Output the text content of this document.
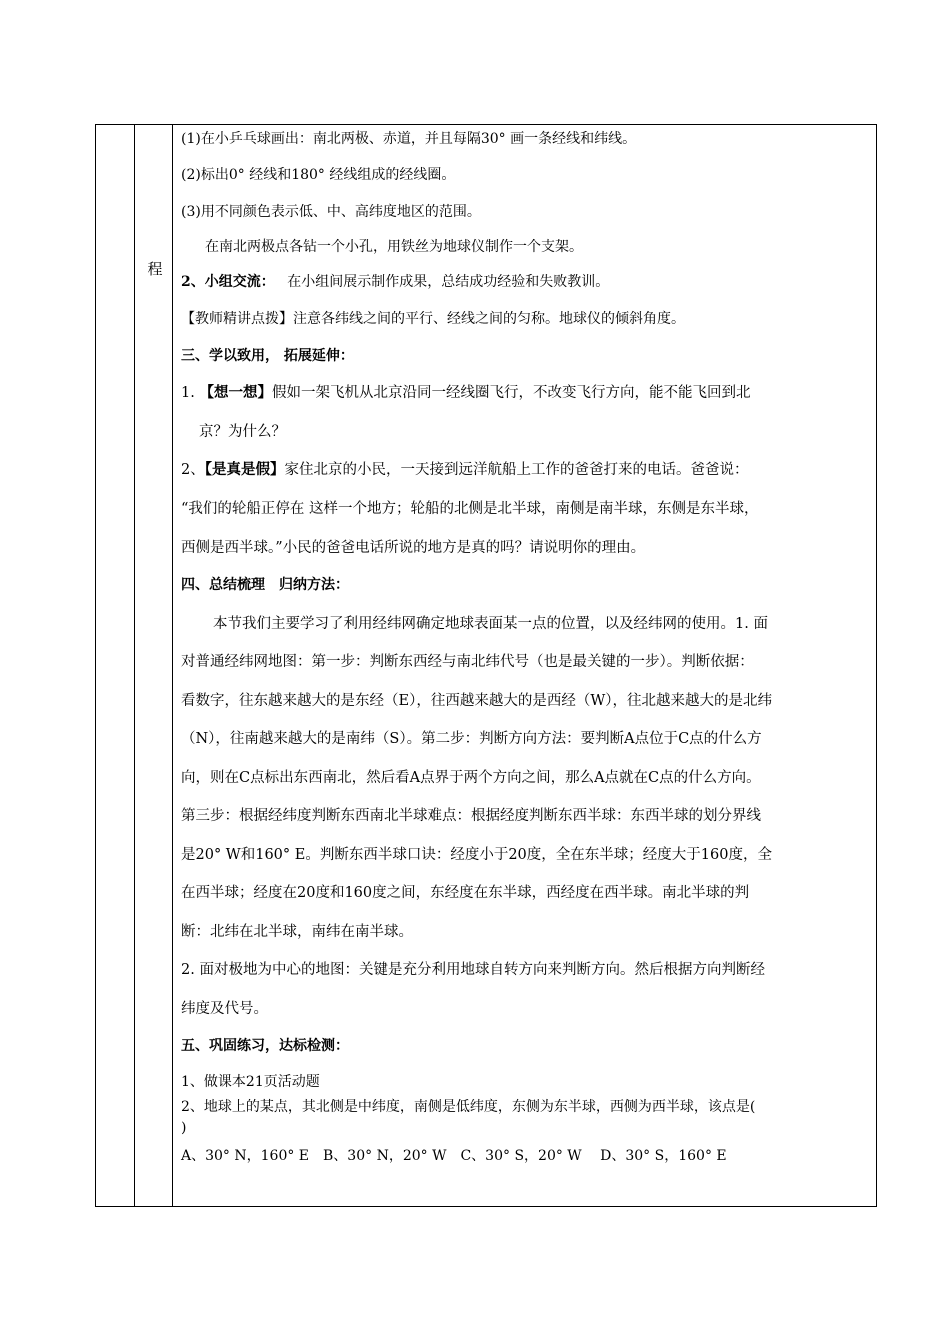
程
(1)在小乒乓球画出：南北两极、赤道，并且每隔30° 画一条经线和纬线。
(2)标出0° 经线和180° 经线组成的经线圈。
(3)用不同颜色表示低、中、高纬度地区的范围。
在南北两极点各钻一个小孔，用铁丝为地球仪制作一个支架。
2、小组交流： 在小组间展示制作成果，总结成功经验和失败教训。
【教师精讲点拨】注意各纬线之间的平行、经线之间的匀称。地球仪的倾斜角度。
三、学以致用， 拓展延伸：
1. 【想一想】假如一架飞机从北京沿同一经线圈飞行，不改变飞行方向，能不能飞回到北
京？为什么？
2、【是真是假】家住北京的小民，一天接到远洋航船上工作的爸爸打来的电话。爸爸说：
“我们的轮船正停在 这样一个地方；轮船的北侧是北半球，南侧是南半球，东侧是东半球，
西侧是西半球。”小民的爸爸电话所说的地方是真的吗？请说明你的理由。
四、总结梳理　归纳方法：
本节我们主要学习了利用经纬网确定地球表面某一点的位置，以及经纬网的使用。1. 面
对普通经纬网地图：第一步：判断东西经与南北纬代号（也是最关键的一步）。判断依据：
看数字，往东越来越大的是东经（E），往西越来越大的是西经（W），往北越来越大的是北纬
（N），往南越来越大的是南纬（S）。第二步：判断方向方法：要判断A点位于C点的什么方
向，则在C点标出东西南北，然后看A点界于两个方向之间，那么A点就在C点的什么方向。
第三步：根据经纬度判断东西南北半球难点：根据经度判断东西半球：东西半球的划分界线
是20° W和160° E。判断东西半球口诀：经度小于20度，全在东半球；经度大于160度，全
在西半球；经度在20度和160度之间，东经度在东半球，西经度在西半球。南北半球的判
断：北纬在北半球，南纬在南半球。
2. 面对极地为中心的地图：关键是充分利用地球自转方向来判断方向。然后根据方向判断经
纬度及代号。
五、巩固练习，达标检测：
1、做课本21页活动题
2、地球上的某点，其北侧是中纬度，南侧是低纬度，东侧为东半球，西侧为西半球，该点是(
)
A、30° N，160° E　B、30° N，20° W　C、30° S，20° W　 D、30° S，160° E
